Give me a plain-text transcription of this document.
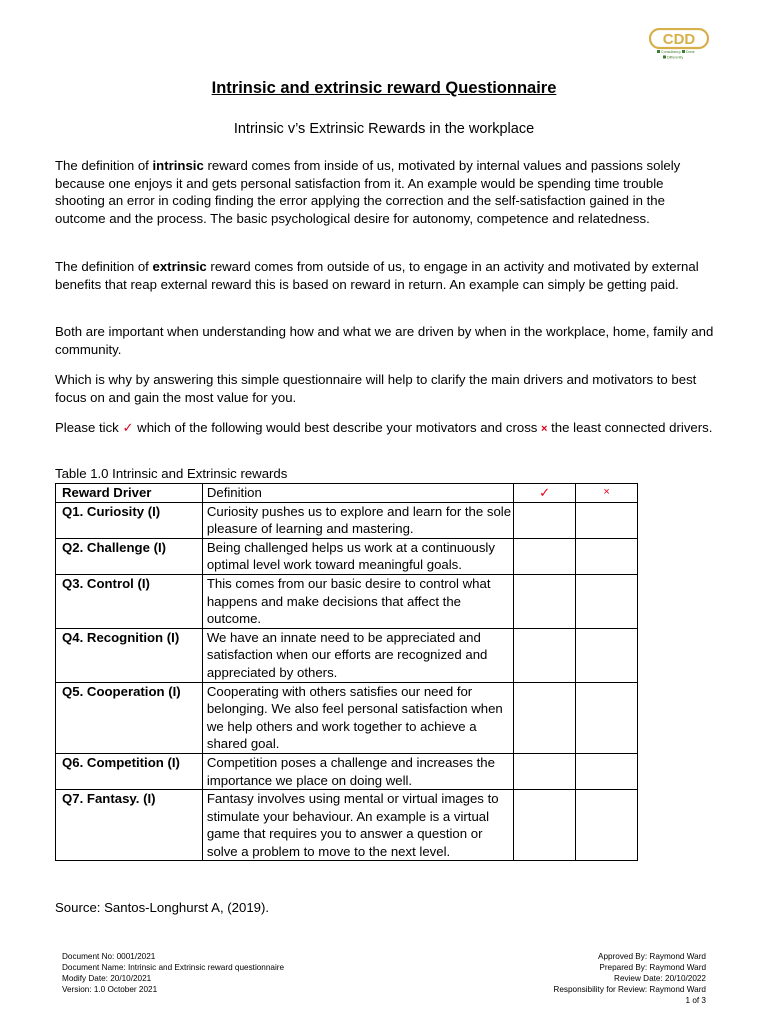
CDD
Consultancy Done
Differently
Intrinsic and extrinsic reward Questionnaire
Intrinsic v’s Extrinsic Rewards in the workplace

The definition of intrinsic reward comes from inside of us, motivated by internal values and passions solely because one enjoys it and gets personal satisfaction from it. An example would be spending time trouble shooting an error in coding finding the error applying the correction and the self-satisfaction gained in the outcome and the process. The basic psychological desire for autonomy, competence and relatedness.

The definition of extrinsic reward comes from outside of us, to engage in an activity and motivated by external benefits that reap external reward this is based on reward in return. An example can simply be getting paid.

Both are important when understanding how and what we are driven by when in the workplace, home, family and community.

Which is why by answering this simple questionnaire will help to clarify the main drivers and motivators to best focus on and gain the most value for you.

Please tick ✓ which of the following would best describe your motivators and cross × the least connected drivers.

Table 1.0 Intrinsic and Extrinsic rewards
Reward Driver	Definition	✓	×
Q1. Curiosity (I)	Curiosity pushes us to explore and learn for the sole pleasure of learning and mastering.		
Q2. Challenge (I)	Being challenged helps us work at a continuously optimal level work toward meaningful goals.		
Q3. Control (I)	This comes from our basic desire to control what happens and make decisions that affect the outcome.		
Q4. Recognition (I)	We have an innate need to be appreciated and satisfaction when our efforts are recognized and appreciated by others.		
Q5. Cooperation (I)	Cooperating with others satisfies our need for belonging. We also feel personal satisfaction when we help others and work together to achieve a shared goal.		
Q6. Competition (I)	Competition poses a challenge and increases the importance we place on doing well.		
Q7. Fantasy. (I)	Fantasy involves using mental or virtual images to stimulate your behaviour. An example is a virtual game that requires you to answer a question or solve a problem to move to the next level.		
Source: Santos-Longhurst A, (2019).
Document No: 0001/2021
Document Name: Intrinsic and Extrinsic reward questionnaire
Modify Date: 20/10/2021
Version: 1.0 October 2021
Approved By: Raymond Ward
Prepared By: Raymond Ward
Review Date: 20/10/2022
Responsibility for Review: Raymond Ward
1 of 3
